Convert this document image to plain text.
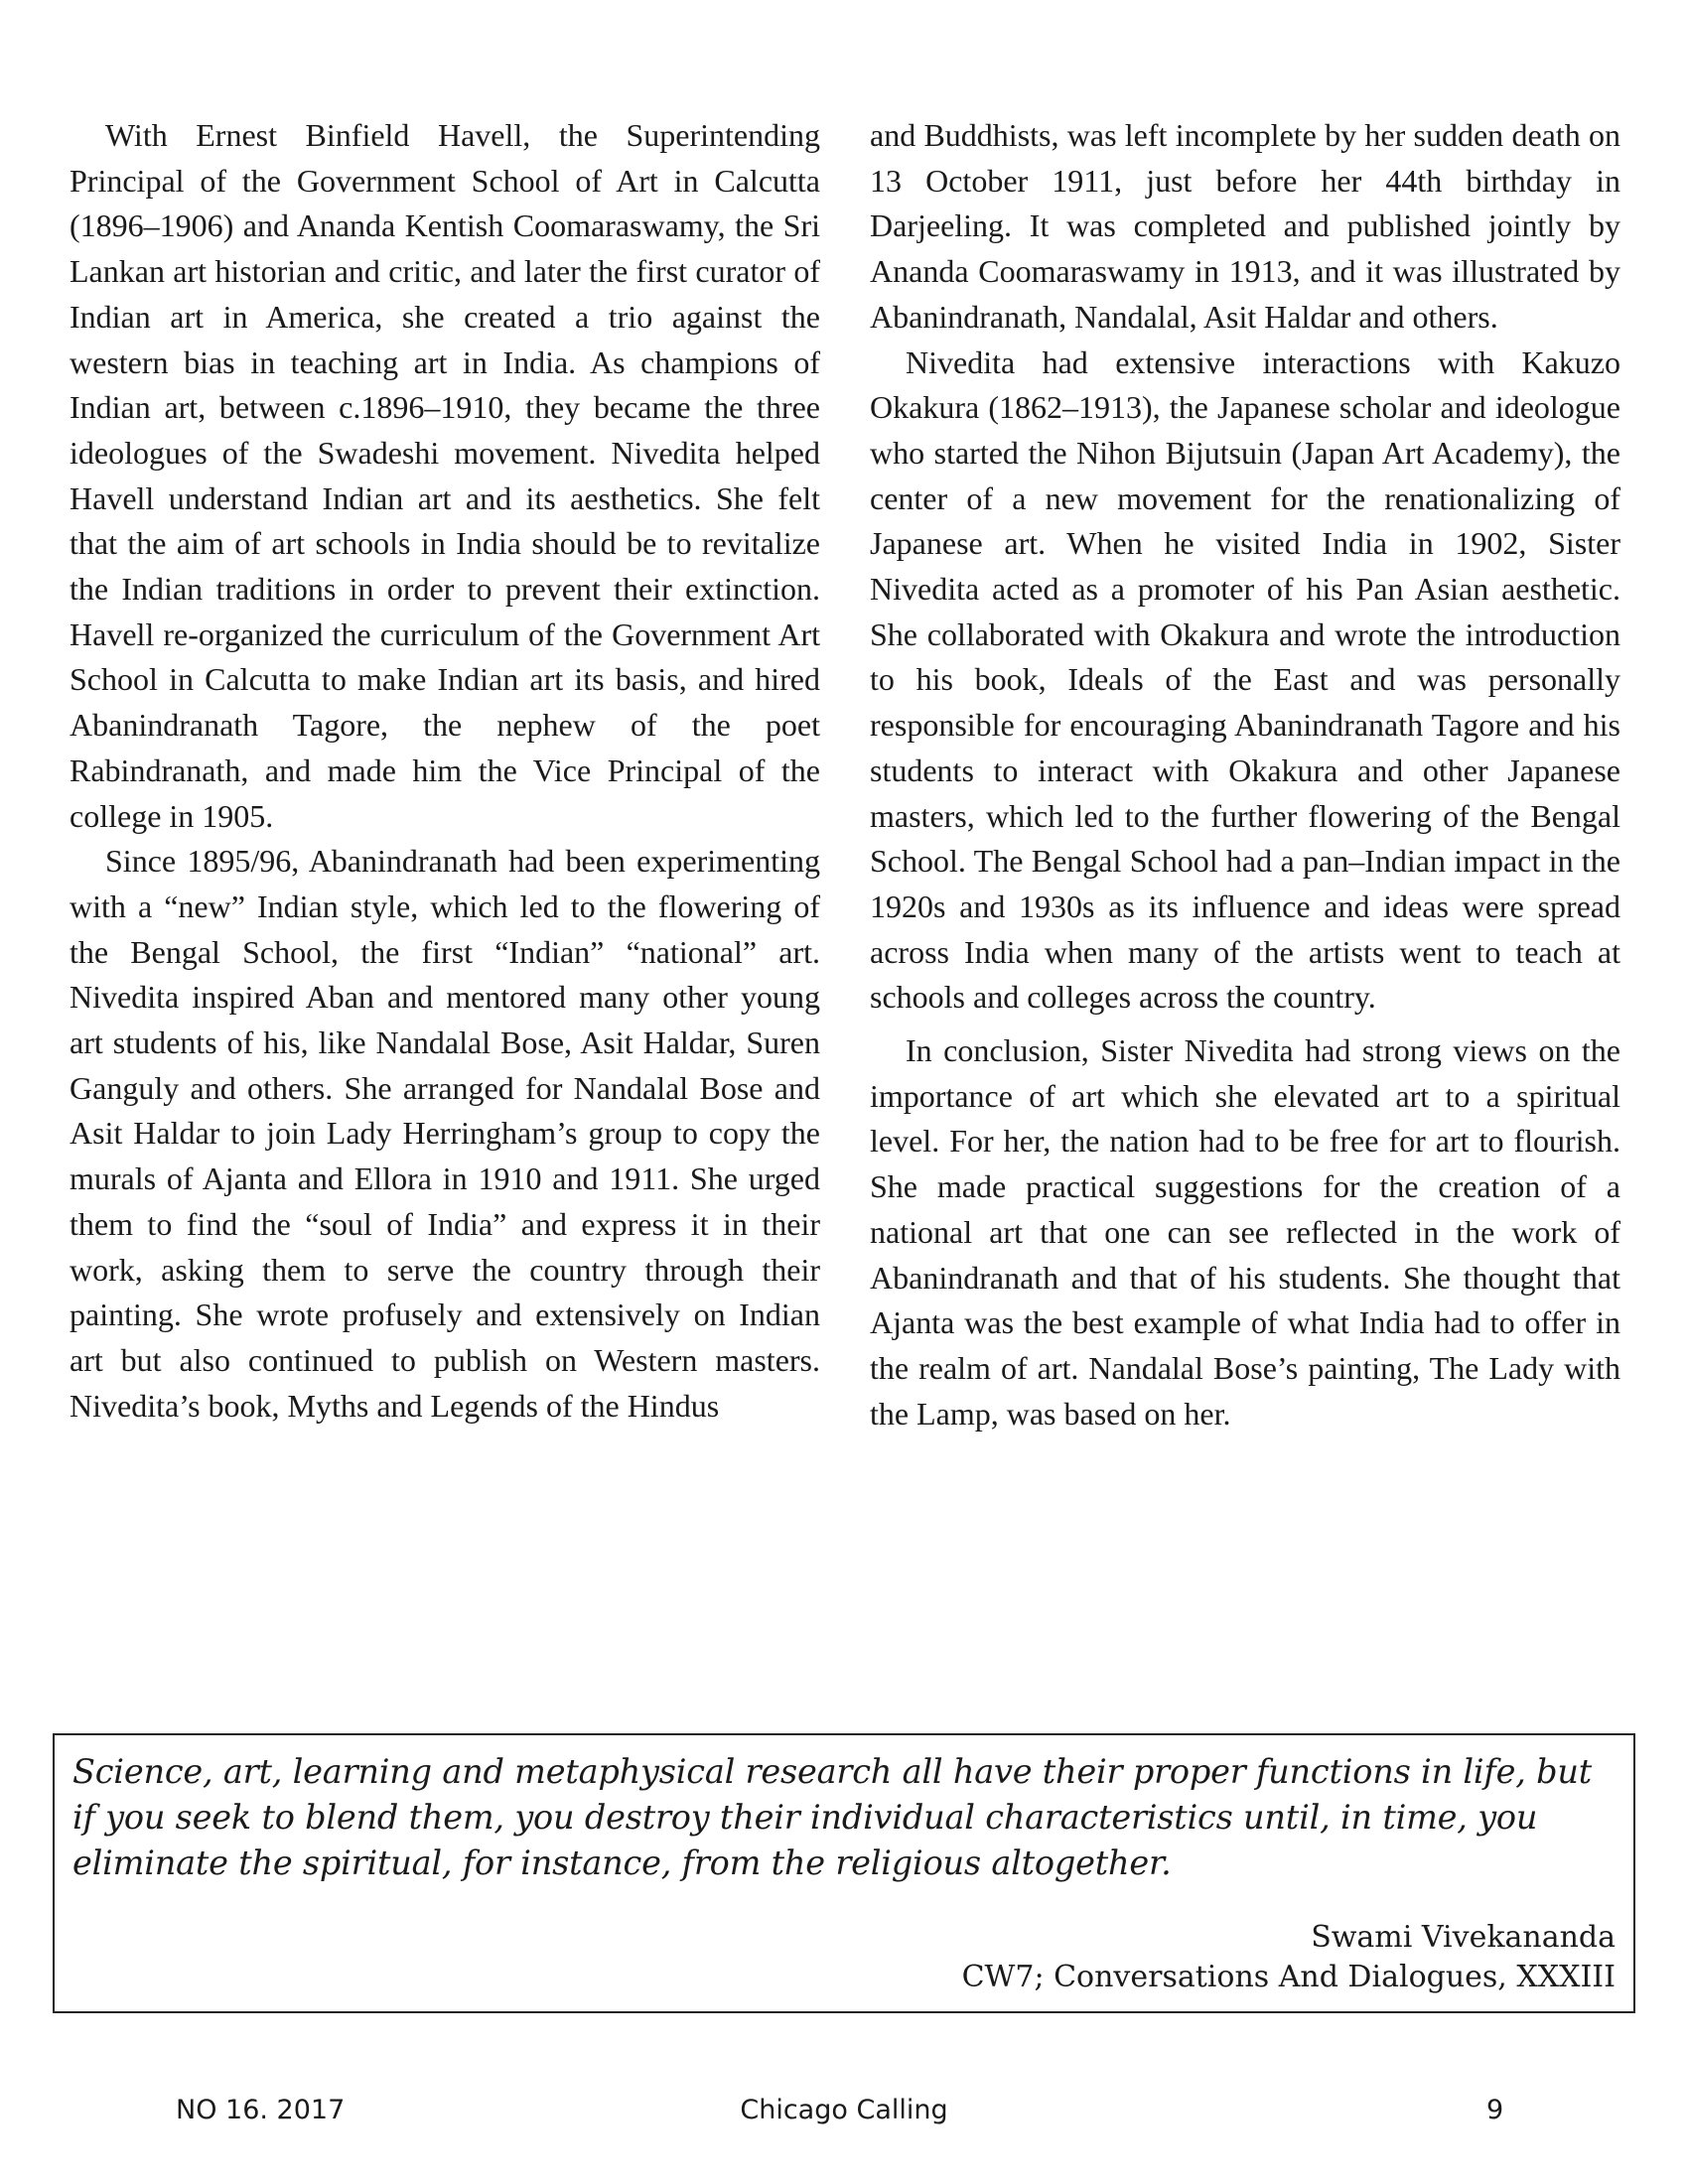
With Ernest Binfield Havell, the Superintending Principal of the Government School of Art in Calcutta (1896–1906) and Ananda Kentish Coomaraswamy, the Sri Lankan art historian and critic, and later the first curator of Indian art in America, she created a trio against the western bias in teaching art in India. As champions of Indian art, between c.1896–1910, they became the three ideologues of the Swadeshi movement. Nivedita helped Havell understand Indian art and its aesthetics. She felt that the aim of art schools in India should be to revitalize the Indian traditions in order to prevent their extinction. Havell re-organized the curriculum of the Government Art School in Calcutta to make Indian art its basis, and hired Abanindranath Tagore, the nephew of the poet Rabindranath, and made him the Vice Principal of the college in 1905.

Since 1895/96, Abanindranath had been experimenting with a “new” Indian style, which led to the flowering of the Bengal School, the first “Indian” “national” art. Nivedita inspired Aban and mentored many other young art students of his, like Nandalal Bose, Asit Haldar, Suren Ganguly and others. She arranged for Nandalal Bose and Asit Haldar to join Lady Herringham’s group to copy the murals of Ajanta and Ellora in 1910 and 1911. She urged them to find the “soul of India” and express it in their work, asking them to serve the country through their painting. She wrote profusely and extensively on Indian art but also continued to publish on Western masters. Nivedita’s book, Myths and Legends of the Hindus

and Buddhists, was left incomplete by her sudden death on 13 October 1911, just before her 44th birthday in Darjeeling. It was completed and published jointly by Ananda Coomaraswamy in 1913, and it was illustrated by Abanindranath, Nandalal, Asit Haldar and others.

Nivedita had extensive interactions with Kakuzo Okakura (1862–1913), the Japanese scholar and ideologue who started the Nihon Bijutsuin (Japan Art Academy), the center of a new movement for the renationalizing of Japanese art. When he visited India in 1902, Sister Nivedita acted as a promoter of his Pan Asian aesthetic. She collaborated with Okakura and wrote the introduction to his book, Ideals of the East and was personally responsible for encouraging Abanindranath Tagore and his students to interact with Okakura and other Japanese masters, which led to the further flowering of the Bengal School. The Bengal School had a pan–Indian impact in the 1920s and 1930s as its influence and ideas were spread across India when many of the artists went to teach at schools and colleges across the country.

In conclusion, Sister Nivedita had strong views on the importance of art which she elevated art to a spiritual level. For her, the nation had to be free for art to flourish. She made practical suggestions for the creation of a national art that one can see reflected in the work of Abanindranath and that of his students. She thought that Ajanta was the best example of what India had to offer in the realm of art. Nandalal Bose’s painting, The Lady with the Lamp, was based on her.

Science, art, learning and metaphysical research all have their proper functions in life, but if you seek to blend them, you destroy their individual characteristics until, in time, you eliminate the spiritual, for instance, from the religious altogether.

Swami Vivekananda
CW7; Conversations And Dialogues, XXXIII
NO 16. 2017	Chicago Calling	9
